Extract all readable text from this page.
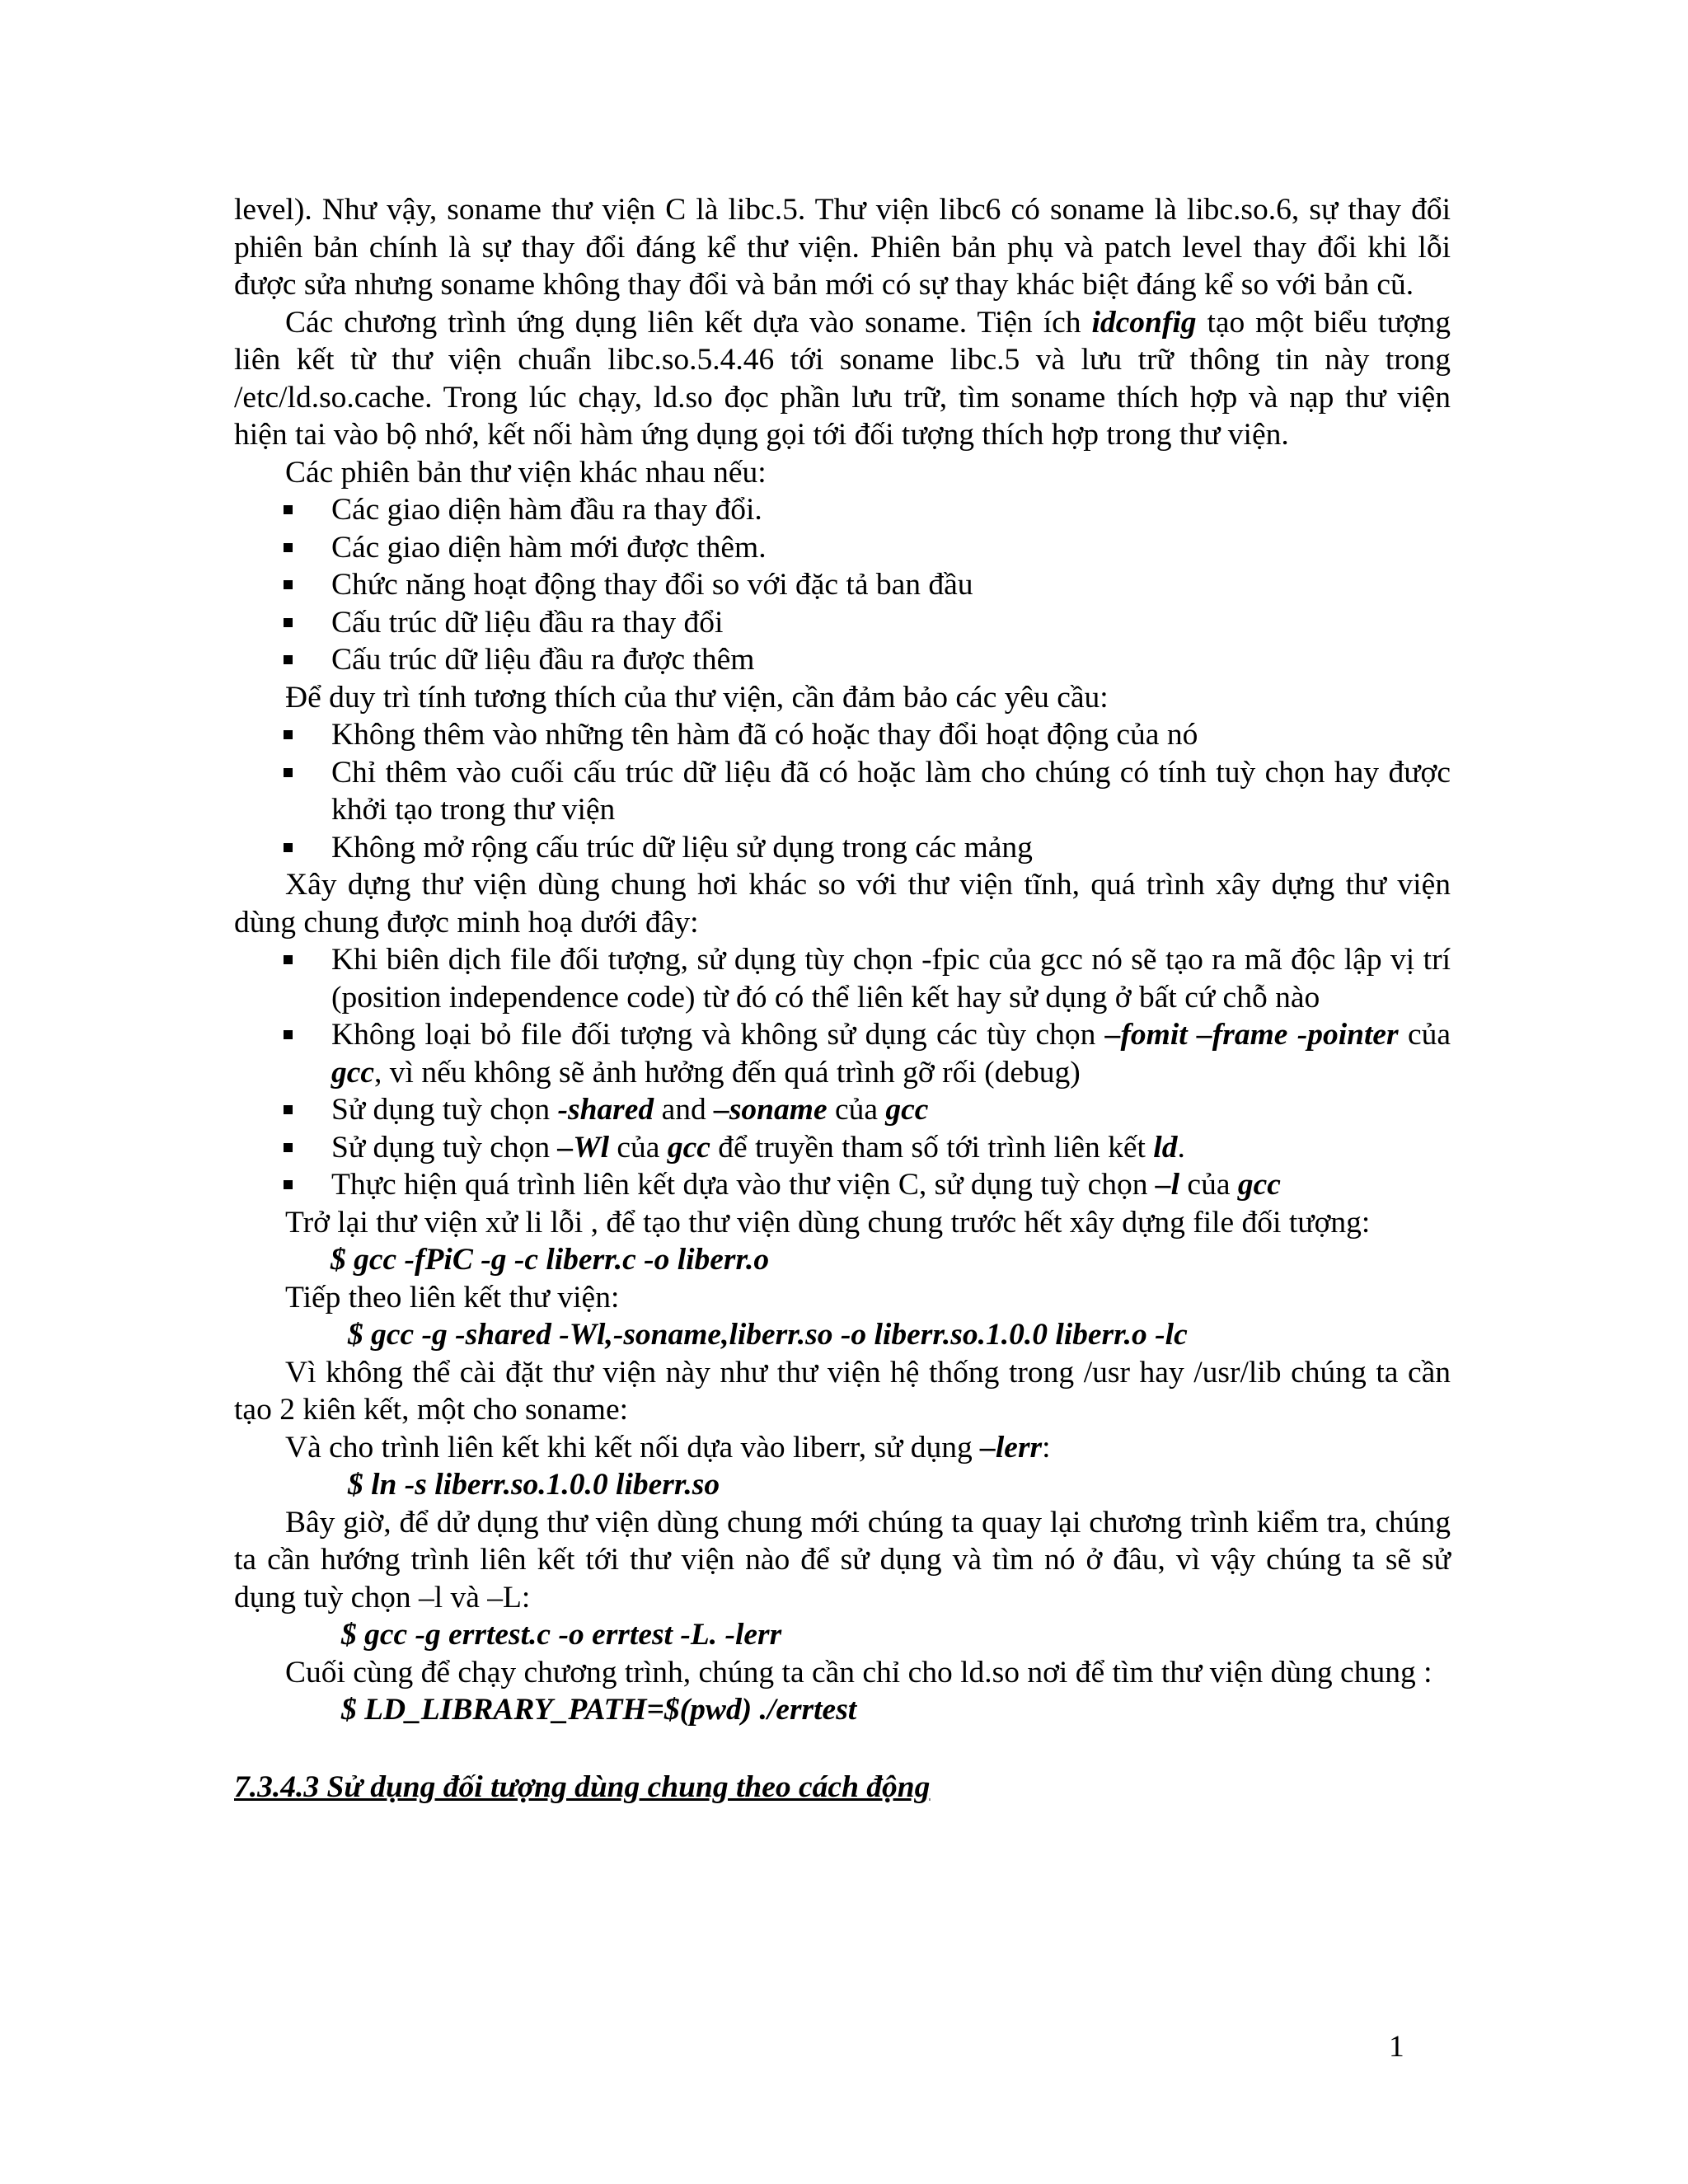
level). Như vậy, soname thư viện C là libc.5. Thư viện libc6 có soname là libc.so.6, sự thay đổi phiên bản chính là sự thay đổi đáng kể thư viện. Phiên bản phụ và patch level thay đổi khi lỗi được sửa nhưng soname không thay đổi và bản mới có sự thay khác biệt đáng kể so với bản cũ.

Các chương trình ứng dụng liên kết dựa vào soname. Tiện ích idconfig tạo một biểu tượng liên kết từ thư viện chuẩn libc.so.5.4.46 tới soname libc.5 và lưu trữ thông tin này trong /etc/ld.so.cache. Trong lúc chạy, ld.so đọc phần lưu trữ, tìm soname thích hợp và nạp thư viện hiện tai vào bộ nhớ, kết nối hàm ứng dụng gọi tới đối tượng thích hợp trong thư viện.

Các phiên bản thư viện khác nhau nếu:

Các giao diện hàm đầu ra thay đổi.
Các giao diện hàm mới được thêm.
Chức năng hoạt động thay đổi so với đặc tả ban đầu
Cấu trúc dữ liệu đầu ra thay đổi
Cấu trúc dữ liệu đầu ra được thêm

Để duy trì tính tương thích của thư viện, cần đảm bảo các yêu cầu:

Không thêm vào những tên hàm đã có hoặc thay đổi hoạt động của nó
Chỉ thêm vào cuối cấu trúc dữ liệu đã có hoặc làm cho chúng có tính tuỳ chọn hay được khởi tạo trong thư viện
Không mở rộng cấu trúc dữ liệu sử dụng trong các mảng

Xây dựng thư viện dùng chung hơi khác so với thư viện tĩnh, quá trình xây dựng thư viện dùng chung được minh hoạ dưới đây:

Khi biên dịch file đối tượng, sử dụng tùy chọn -fpic của gcc nó sẽ tạo ra mã độc lập vị trí (position independence code) từ đó có thể liên kết hay sử dụng ở bất cứ chỗ nào
Không loại bỏ file đối tượng và không sử dụng các tùy chọn –fomit –frame -pointer của gcc, vì nếu không sẽ ảnh hưởng đến quá trình gỡ rối (debug)
Sử dụng tuỳ chọn -shared and –soname của gcc
Sử dụng tuỳ chọn –Wl của gcc để truyền tham số tới trình liên kết ld.
Thực hiện quá trình liên kết dựa vào thư viện C, sử dụng tuỳ chọn –l của gcc

Trở lại thư viện xử li lỗi , để tạo thư viện dùng chung trước hết xây dựng file đối tượng:

$ gcc -fPiC -g -c liberr.c -o liberr.o

Tiếp theo liên kết thư viện:

$ gcc -g -shared -Wl,-soname,liberr.so -o liberr.so.1.0.0 liberr.o -lc

Vì không thể cài đặt thư viện này như thư viện hệ thống trong /usr hay /usr/lib chúng ta cần tạo 2 kiên kết, một cho soname:

Và cho trình liên kết khi kết nối dựa vào liberr, sử dụng –lerr:

$ ln -s liberr.so.1.0.0 liberr.so

Bây giờ, để dử dụng thư viện dùng chung mới chúng ta quay lại chương trình kiểm tra, chúng ta cần hướng trình liên kết tới thư viện nào để sử dụng và tìm nó ở đâu, vì vậy chúng ta sẽ sử dụng tuỳ chọn –l và –L:

$ gcc -g errtest.c -o errtest -L. -lerr

Cuối cùng để chạy chương trình, chúng ta cần chỉ cho ld.so nơi để tìm thư viện dùng chung :

$ LD_LIBRARY_PATH=$(pwd) ./errtest

7.3.4.3 Sử dụng đối tượng dùng chung theo cách động

1
